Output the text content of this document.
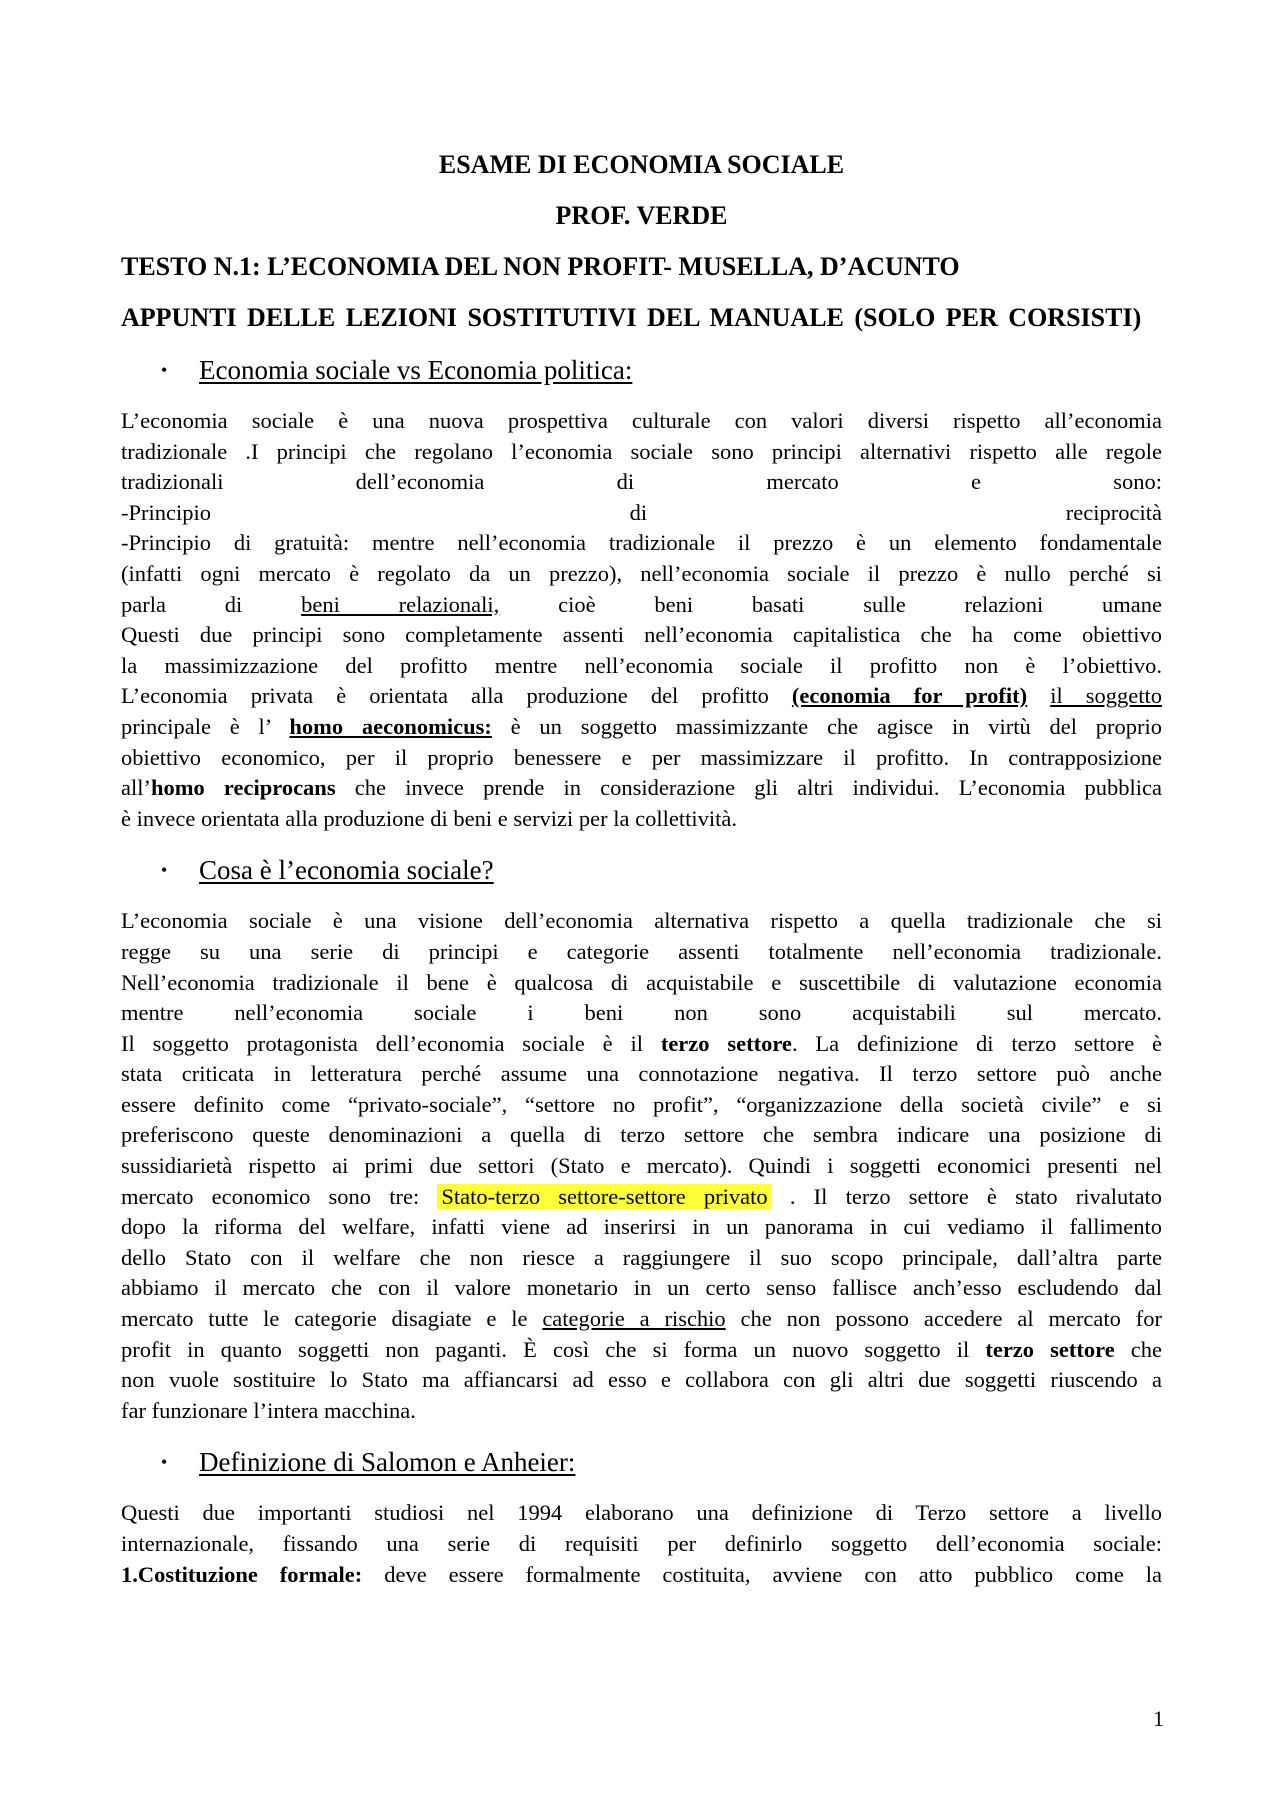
ESAME DI ECONOMIA SOCIALE
PROF. VERDE
TESTO N.1: L’ECONOMIA DEL NON PROFIT- MUSELLA, D’ACUNTO
APPUNTI DELLE LEZIONI SOSTITUTIVI DEL MANUALE (SOLO PER CORSISTI)
• Economia sociale vs Economia politica:
L’economia sociale è una nuova prospettiva culturale con valori diversi rispetto all’economia
tradizionale .I principi che regolano l’economia sociale sono principi alternativi rispetto alle regole
tradizionali dell’economia di mercato e sono:
-Principio di reciprocità
-Principio di gratuità: mentre nell’economia tradizionale il prezzo è un elemento fondamentale
(infatti ogni mercato è regolato da un prezzo), nell’economia sociale il prezzo è nullo perché si
parla di	beni relazionali,	cioè beni basati sulle relazioni umane
Questi due principi sono completamente assenti nell’economia capitalistica che ha come obiettivo
la massimizzazione del profitto mentre nell’economia sociale il profitto non è l’obiettivo.
L’economia privata è orientata alla produzione del profitto (economia for profit) il soggetto
principale è l’ homo aeconomicus: è un soggetto massimizzante che agisce in virtù del proprio
obiettivo economico, per il proprio benessere e per massimizzare il profitto. In contrapposizione
all’homo reciprocans che invece prende in considerazione gli altri individui. L’economia pubblica
è invece orientata alla produzione di beni e servizi per la collettività.
• Cosa è l’economia sociale?
L’economia sociale è una visione dell’economia alternativa rispetto a quella tradizionale che si
regge su una serie di principi e categorie assenti totalmente nell’economia tradizionale.
Nell’economia tradizionale il bene è qualcosa di acquistabile e suscettibile di valutazione economia
mentre nell’economia sociale i beni non sono acquistabili sul mercato.
Il soggetto protagonista dell’economia sociale è il terzo settore. La definizione di terzo settore è
stata criticata in letteratura perché assume una connotazione negativa. Il terzo settore può anche
essere definito come “privato-sociale”, “settore no profit”, “organizzazione della società civile” e si
preferiscono queste denominazioni a quella di terzo settore che sembra indicare una posizione di
sussidiarietà rispetto ai primi due settori (Stato e mercato). Quindi i soggetti economici presenti nel
mercato economico sono tre: Stato-terzo settore-settore privato . Il terzo settore è stato rivalutato
dopo la riforma del welfare, infatti viene ad inserirsi in un panorama in cui vediamo il fallimento
dello Stato con il welfare che non riesce a raggiungere il suo scopo principale, dall’altra parte
abbiamo il mercato che con il valore monetario in un certo senso fallisce anch’esso escludendo dal
mercato tutte le categorie disagiate e le categorie a rischio che non possono accedere al mercato for
profit in quanto soggetti non paganti. È così che si forma un nuovo soggetto il terzo settore che
non vuole sostituire lo Stato ma affiancarsi ad esso e collabora con gli altri due soggetti riuscendo a
far funzionare l’intera macchina.
• Definizione di Salomon e Anheier:
Questi due importanti studiosi nel 1994 elaborano una definizione di Terzo settore a livello
internazionale, fissando una serie di requisiti per definirlo soggetto dell’economia sociale:
1.Costituzione formale: deve essere formalmente costituita, avviene con atto pubblico come la
1
